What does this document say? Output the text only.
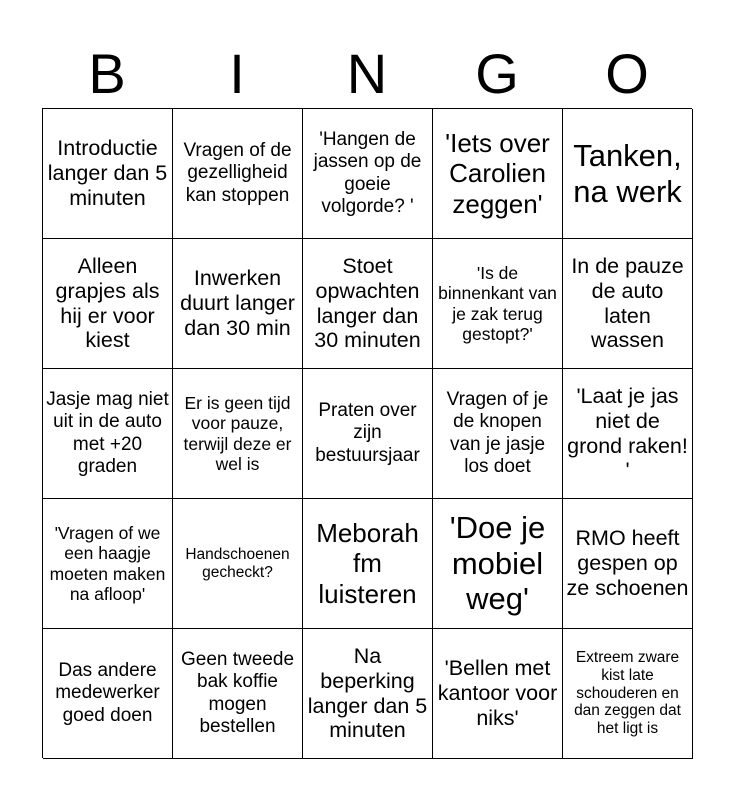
B	I	N	G	O
Introductie langer dan 5 minuten
Vragen of de gezelligheid kan stoppen
'Hangen de jassen op de goeie volgorde? '
'Iets over Carolien zeggen'
Tanken, na werk
Alleen grapjes als hij er voor kiest
Inwerken duurt langer dan 30 min
Stoet opwachten langer dan 30 minuten
'Is de binnenkant van je zak terug gestopt?'
In de pauze de auto laten wassen
Jasje mag niet uit in de auto met +20 graden
Er is geen tijd voor pauze, terwijl deze er wel is
Praten over zijn bestuursjaar
Vragen of je de knopen van je jasje los doet
'Laat je jas niet de grond raken! '
'Vragen of we een haagje moeten maken na afloop'
Handschoenen gecheckt?
Meborah fm luisteren
'Doe je mobiel weg'
RMO heeft gespen op ze schoenen
Das andere medewerker goed doen
Geen tweede bak koffie mogen bestellen
Na beperking langer dan 5 minuten
'Bellen met kantoor voor niks'
Extreem zware kist late schouderen en dan zeggen dat het ligt is
